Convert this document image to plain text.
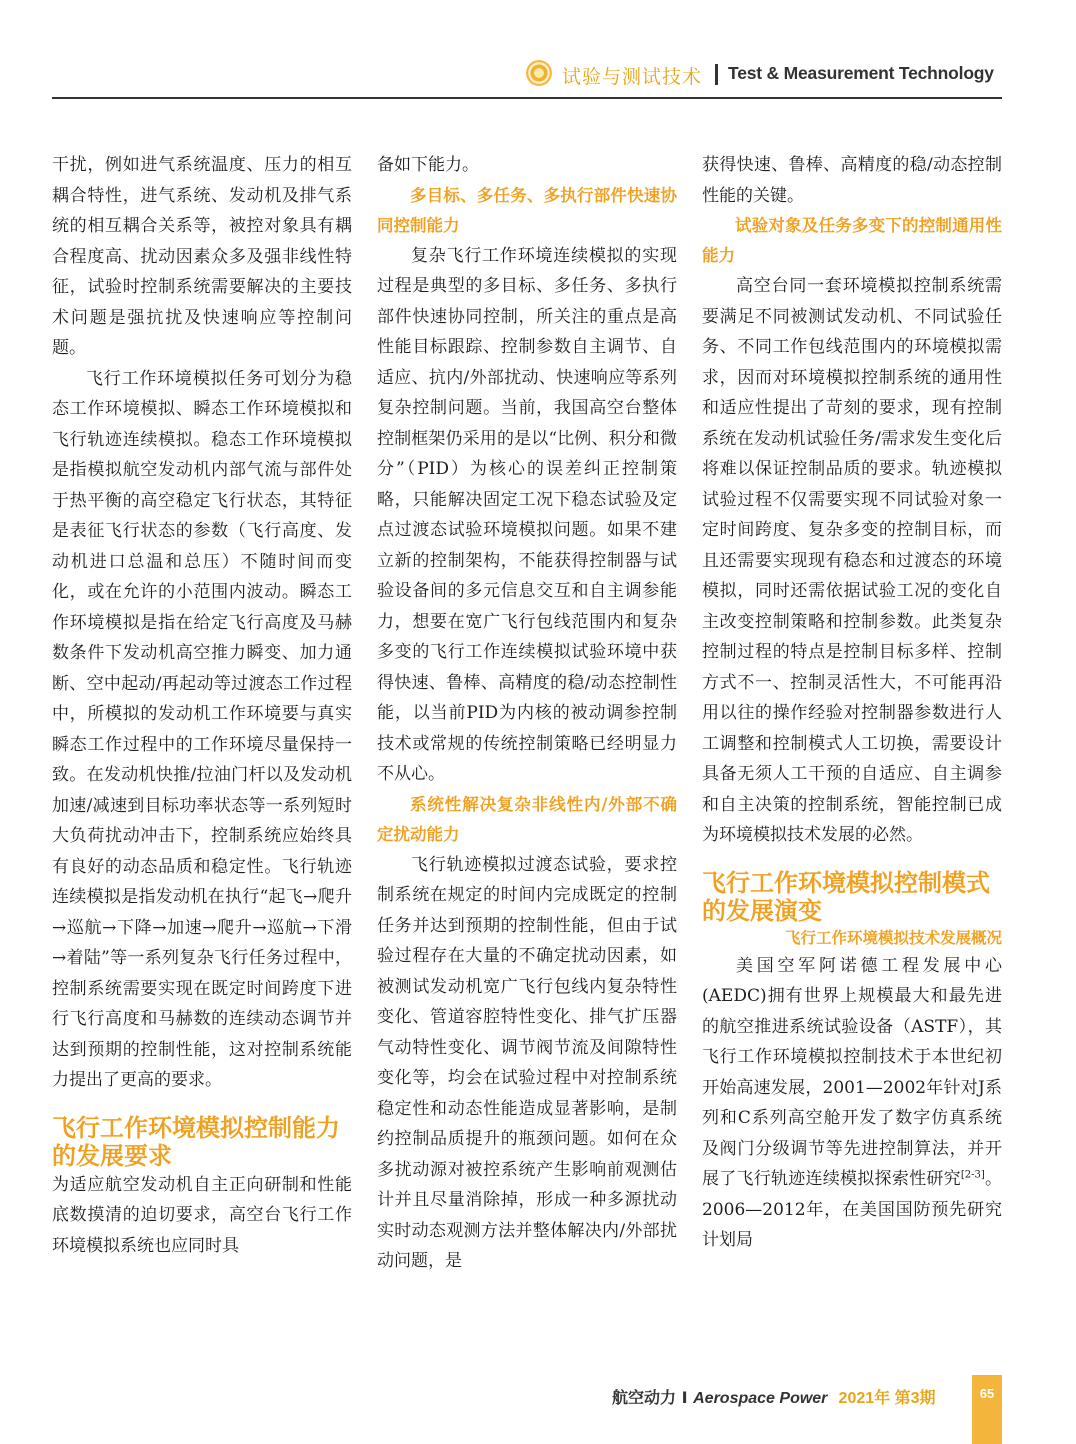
试验与测试技术 Test & Measurement Technology

干扰，例如进气系统温度、压力的相互耦合特性，进气系统、发动机及排气系统的相互耦合关系等，被控对象具有耦合程度高、扰动因素众多及强非线性特征，试验时控制系统需要解决的主要技术问题是强抗扰及快速响应等控制问题。

飞行工作环境模拟任务可划分为稳态工作环境模拟、瞬态工作环境模拟和飞行轨迹连续模拟。稳态工作环境模拟是指模拟航空发动机内部气流与部件处于热平衡的高空稳定飞行状态，其特征是表征飞行状态的参数（飞行高度、发动机进口总温和总压）不随时间而变化，或在允许的小范围内波动。瞬态工作环境模拟是指在给定飞行高度及马赫数条件下发动机高空推力瞬变、加力通断、空中起动/再起动等过渡态工作过程中，所模拟的发动机工作环境要与真实瞬态工作过程中的工作环境尽量保持一致。在发动机快推/拉油门杆以及发动机加速/减速到目标功率状态等一系列短时大负荷扰动冲击下，控制系统应始终具有良好的动态品质和稳定性。飞行轨迹连续模拟是指发动机在执行“起飞→爬升→巡航→下降→加速→爬升→巡航→下滑→着陆”等一系列复杂飞行任务过程中，控制系统需要实现在既定时间跨度下进行飞行高度和马赫数的连续动态调节并达到预期的控制性能，这对控制系统能力提出了更高的要求。

飞行工作环境模拟控制能力的发展要求

为适应航空发动机自主正向研制和性能底数摸清的迫切要求，高空台飞行工作环境模拟系统也应同时具

备如下能力。

多目标、多任务、多执行部件快速协同控制能力

复杂飞行工作环境连续模拟的实现过程是典型的多目标、多任务、多执行部件快速协同控制，所关注的重点是高性能目标跟踪、控制参数自主调节、自适应、抗内/外部扰动、快速响应等系列复杂控制问题。当前，我国高空台整体控制框架仍采用的是以“比例、积分和微分”（PID）为核心的误差纠正控制策略，只能解决固定工况下稳态试验及定点过渡态试验环境模拟问题。如果不建立新的控制架构，不能获得控制器与试验设备间的多元信息交互和自主调参能力，想要在宽广飞行包线范围内和复杂多变的飞行工作连续模拟试验环境中获得快速、鲁棒、高精度的稳/动态控制性能，以当前PID为内核的被动调参控制技术或常规的传统控制策略已经明显力不从心。

系统性解决复杂非线性内/外部不确定扰动能力

飞行轨迹模拟过渡态试验，要求控制系统在规定的时间内完成既定的控制任务并达到预期的控制性能，但由于试验过程存在大量的不确定扰动因素，如被测试发动机宽广飞行包线内复杂特性变化、管道容腔特性变化、排气扩压器气动特性变化、调节阀节流及间隙特性变化等，均会在试验过程中对控制系统稳定性和动态性能造成显著影响，是制约控制品质提升的瓶颈问题。如何在众多扰动源对被控系统产生影响前观测估计并且尽量消除掉，形成一种多源扰动实时动态观测方法并整体解决内/外部扰动问题，是

获得快速、鲁棒、高精度的稳/动态控制性能的关键。

试验对象及任务多变下的控制通用性能力

高空台同一套环境模拟控制系统需要满足不同被测试发动机、不同试验任务、不同工作包线范围内的环境模拟需求，因而对环境模拟控制系统的通用性和适应性提出了苛刻的要求，现有控制系统在发动机试验任务/需求发生变化后将难以保证控制品质的要求。轨迹模拟试验过程不仅需要实现不同试验对象一定时间跨度、复杂多变的控制目标，而且还需要实现现有稳态和过渡态的环境模拟，同时还需依据试验工况的变化自主改变控制策略和控制参数。此类复杂控制过程的特点是控制目标多样、控制方式不一、控制灵活性大，不可能再沿用以往的操作经验对控制器参数进行人工调整和控制模式人工切换，需要设计具备无须人工干预的自适应、自主调参和自主决策的控制系统，智能控制已成为环境模拟技术发展的必然。

飞行工作环境模拟控制模式的发展演变
飞行工作环境模拟技术发展概况

美国空军阿诺德工程发展中心(AEDC)拥有世界上规模最大和最先进的航空推进系统试验设备（ASTF），其飞行工作环境模拟控制技术于本世纪初开始高速发展，2001—2002年针对J系列和C系列高空舱开发了数字仿真系统及阀门分级调节等先进控制算法，并开展了飞行轨迹连续模拟探索性研究[2-3]。2006—2012年，在美国国防预先研究计划局

航空动力 I Aerospace Power 2021年 第3期	65
